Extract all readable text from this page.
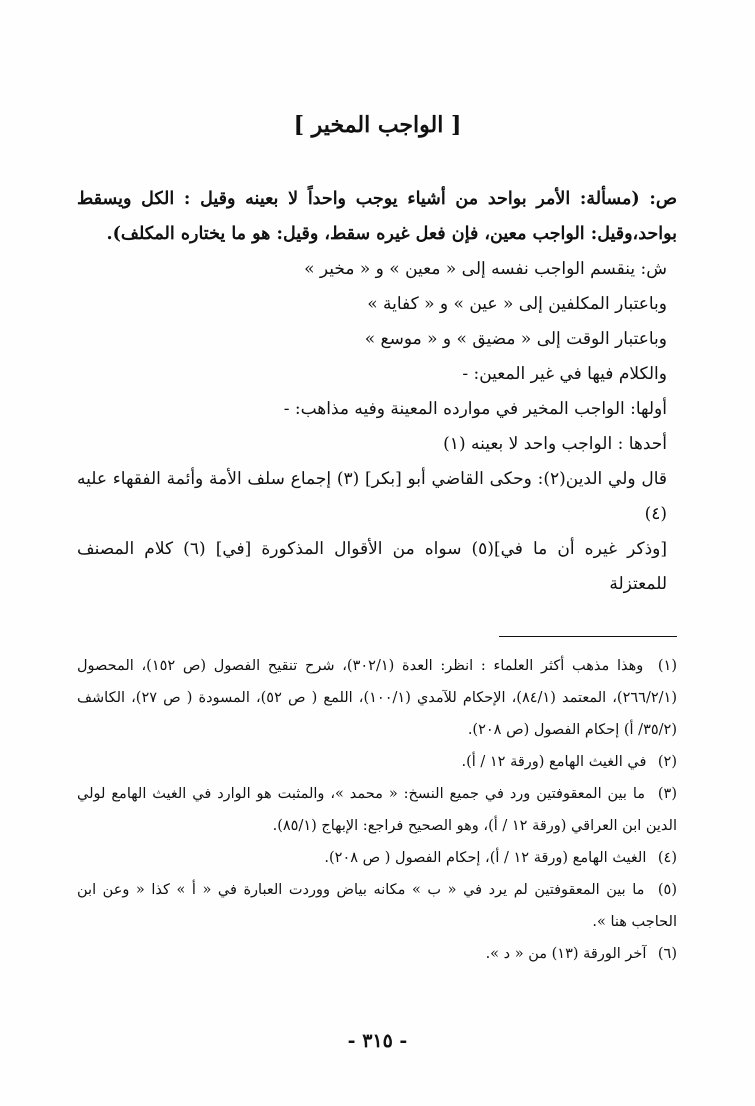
[ الواجب المخير ]

ص: (مسألة: الأمر بواحد من أشياء يوجب واحداً لا بعينه وقيل : الكل ويسقط بواحد،وقيل: الواجب معين، فإن فعل غيره سقط، وقيل: هو ما يختاره المكلف).

ش: ينقسم الواجب نفسه إلى « معين » و « مخير »

وباعتبار المكلفين إلى « عين » و « كفاية »

وباعتبار الوقت إلى « مضيق » و « موسع »

والكلام فيها في غير المعين: -

أولها: الواجب المخير في موارده المعينة وفيه مذاهب: -

أحدها : الواجب واحد لا بعينه (١)

قال ولي الدين(٢): وحكى القاضي أبو [بكر] (٣) إجماع سلف الأمة وأئمة الفقهاء عليه (٤)

[وذكر غيره أن ما في](٥) سواه من الأقوال المذكورة [في] (٦) كلام المصنف للمعتزلة

(١) وهذا مذهب أكثر العلماء : انظر: العدة (٣٠٢/١)، شرح تنقيح الفصول (ص ١٥٢)، المحصول (٢٦٦/٢/١)، المعتمد (٨٤/١)، الإحكام للآمدي (١٠٠/١)، اللمع ( ص ٥٢)، المسودة ( ص ٢٧)، الكاشف (٣٥/٢/ أ) إحكام الفصول (ص ٢٠٨).

(٢) في الغيث الهامع (ورقة ١٢ / أ).

(٣) ما بين المعقوفتين ورد في جميع النسخ: « محمد »، والمثبت هو الوارد في الغيث الهامع لولي الدين ابن العراقي (ورقة ١٢ / أ)، وهو الصحيح فراجع: الإبهاج (٨٥/١).

(٤) الغيث الهامع (ورقة ١٢ / أ)، إحكام الفصول ( ص ٢٠٨).

(٥) ما بين المعقوفتين لم يرد في « ب » مكانه بياض ووردت العبارة في « أ » كذا « وعن ابن الحاجب هنا ».

(٦) آخر الورقة (١٣) من « د ».

- ٣١٥ -
